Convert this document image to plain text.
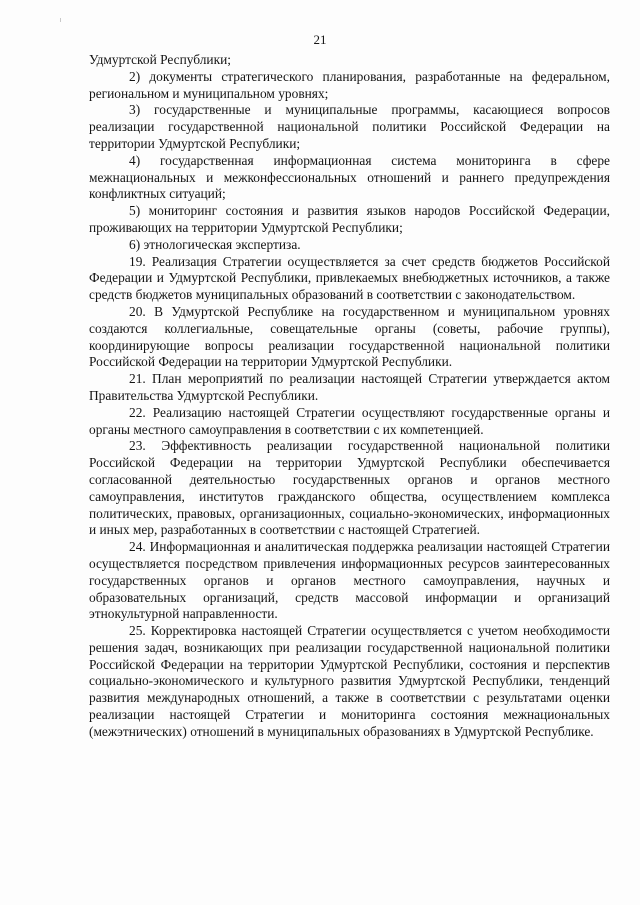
21

Удмуртской Республики;

2) документы стратегического планирования, разработанные на федеральном, региональном и муниципальном уровнях;

3) государственные и муниципальные программы, касающиеся вопросов реализации государственной национальной политики Российской Федерации на территории Удмуртской Республики;

4) государственная информационная система мониторинга в сфере межнациональных и межконфессиональных отношений и раннего предупреждения конфликтных ситуаций;

5) мониторинг состояния и развития языков народов Российской Федерации, проживающих на территории Удмуртской Республики;

6) этнологическая экспертиза.

19. Реализация Стратегии осуществляется за счет средств бюджетов Российской Федерации и Удмуртской Республики, привлекаемых внебюджетных источников, а также средств бюджетов муниципальных образований в соответствии с законодательством.

20. В Удмуртской Республике на государственном и муниципальном уровнях создаются коллегиальные, совещательные органы (советы, рабочие группы), координирующие вопросы реализации государственной национальной политики Российской Федерации на территории Удмуртской Республики.

21. План мероприятий по реализации настоящей Стратегии утверждается актом Правительства Удмуртской Республики.

22. Реализацию настоящей Стратегии осуществляют государственные органы и органы местного самоуправления в соответствии с их компетенцией.

23. Эффективность реализации государственной национальной политики Российской Федерации на территории Удмуртской Республики обеспечивается согласованной деятельностью государственных органов и органов местного самоуправления, институтов гражданского общества, осуществлением комплекса политических, правовых, организационных, социально-экономических, информационных и иных мер, разработанных в соответствии с настоящей Стратегией.

24. Информационная и аналитическая поддержка реализации настоящей Стратегии осуществляется посредством привлечения информационных ресурсов заинтересованных государственных органов и органов местного самоуправления, научных и образовательных организаций, средств массовой информации и организаций этнокультурной направленности.

25. Корректировка настоящей Стратегии осуществляется с учетом необходимости решения задач, возникающих при реализации государственной национальной политики Российской Федерации на территории Удмуртской Республики, состояния и перспектив социально-экономического и культурного развития Удмуртской Республики, тенденций развития международных отношений, а также в соответствии с результатами оценки реализации настоящей Стратегии и мониторинга состояния межнациональных (межэтнических) отношений в муниципальных образованиях в Удмуртской Республике.
